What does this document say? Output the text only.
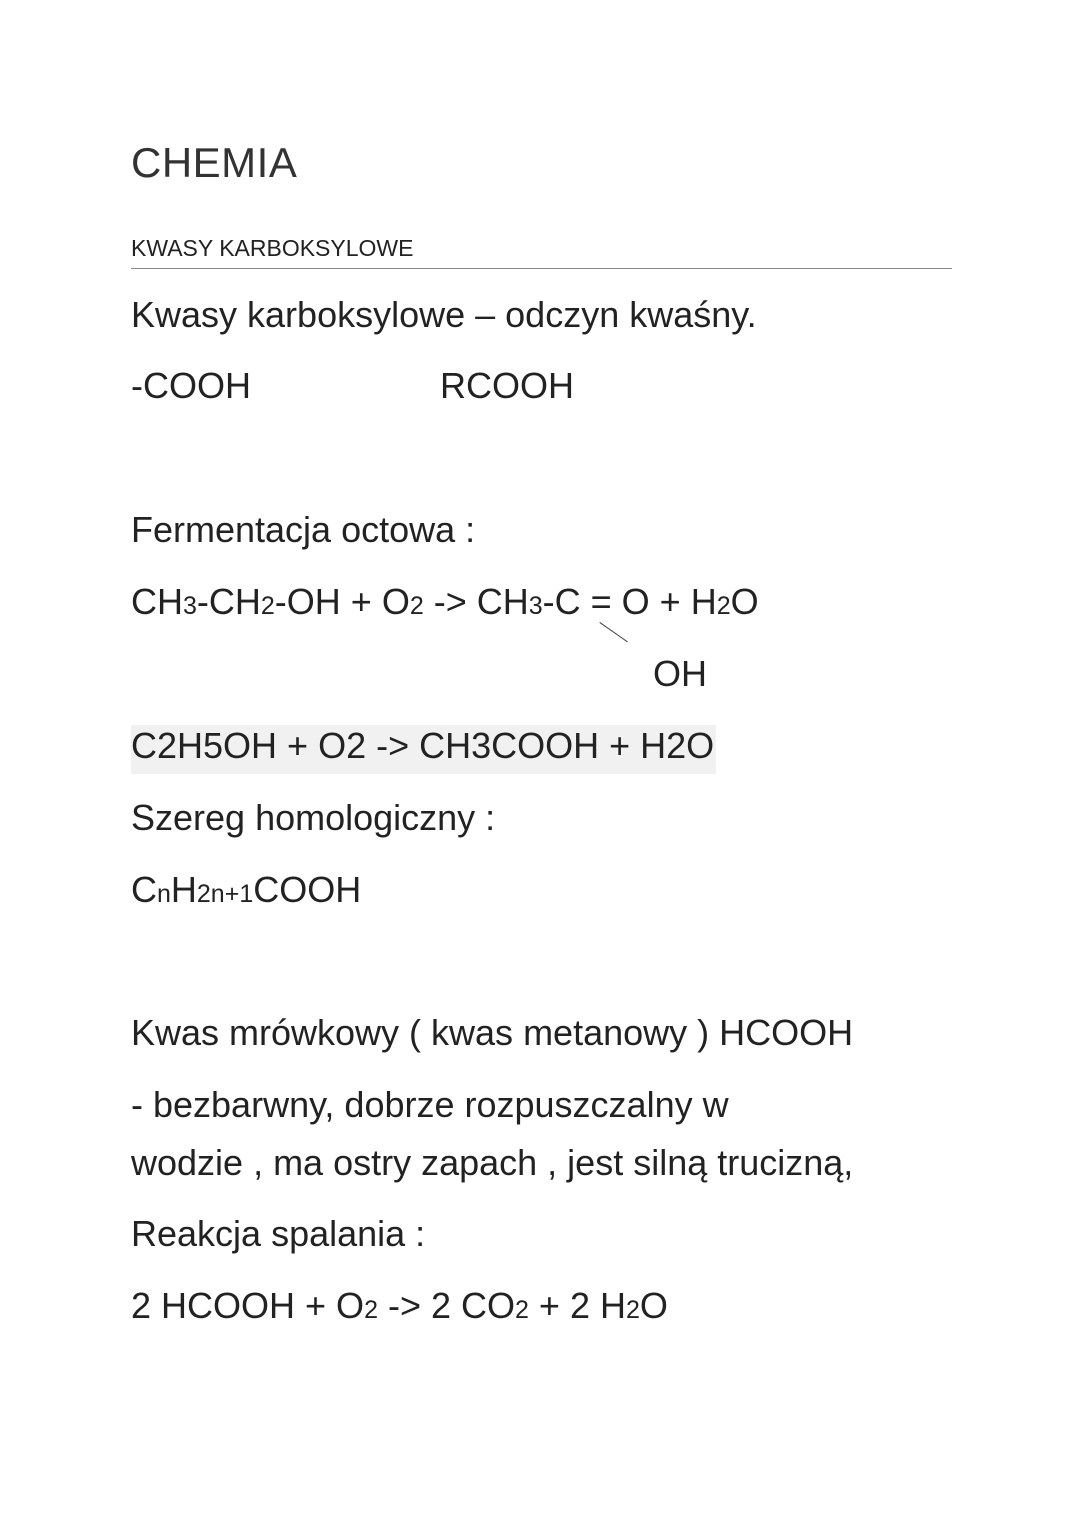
CHEMIA
KWASY KARBOKSYLOWE
Kwasy karboksylowe – odczyn kwaśny.
-COOH	RCOOH
Fermentacja octowa :
CH3-CH2-OH + O2 -> CH3-C = O + H2O
OH
C2H5OH + O2 -> CH3COOH + H2O
Szereg homologiczny :
CnH2n+1COOH
Kwas mrówkowy ( kwas metanowy ) HCOOH
- bezbarwny, dobrze rozpuszczalny w
wodzie , ma ostry zapach , jest silną trucizną,
Reakcja spalania :
2 HCOOH + O2 -> 2 CO2 + 2 H2O
